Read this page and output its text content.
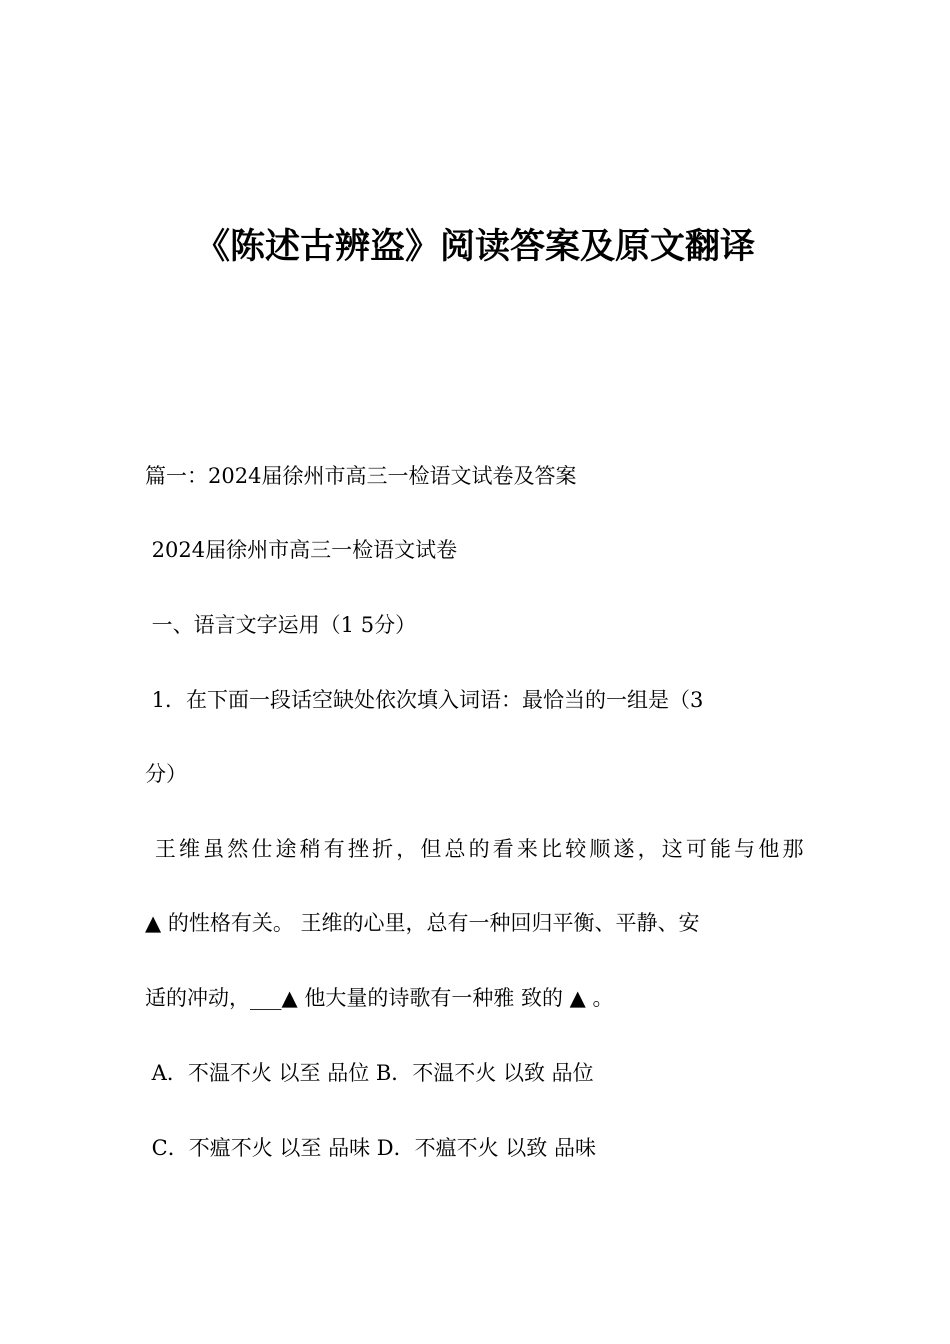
《陈述古辨盗》阅读答案及原文翻译

篇一：2024届徐州市高三一检语文试卷及答案

2024届徐州市高三一检语文试卷

一、语言文字运用（1 5分）

1．在下面一段话空缺处依次填入词语：最恰当的一组是（3

分）

王维虽然仕途稍有挫折，但总的看来比较顺遂，这可能与他那

▲ 的性格有关。 王维的心里，总有一种回归平衡、平静、安

适的冲动，___▲ 他大量的诗歌有一种雅 致的 ▲ 。

A．不温不火 以至 品位 B．不温不火 以致 品位

C．不瘟不火 以至 品味 D．不瘟不火 以致 品味
